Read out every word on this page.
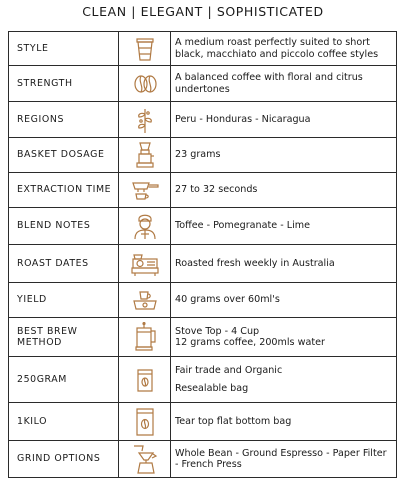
CLEAN | ELEGANT | SOPHISTICATED
STYLE		A medium roast perfectly suited to short black, macchiato and piccolo coffee styles
STRENGTH		A balanced coffee with floral and citrus undertones
REGIONS		Peru - Honduras - Nicaragua
BASKET DOSAGE		23 grams
EXTRACTION TIME		27 to 32 seconds
BLEND NOTES		Toffee - Pomegranate - Lime
ROAST DATES		Roasted fresh weekly in Australia
YIELD		40 grams over 60ml's
BEST BREW METHOD		Stove Top - 4 Cup
12 grams coffee, 200mls water

250GRAM		Fair trade and Organic
Resealable bag

1KILO		Tear top flat bottom bag
GRIND OPTIONS		Whole Bean - Ground Espresso - Paper Filter - French Press
